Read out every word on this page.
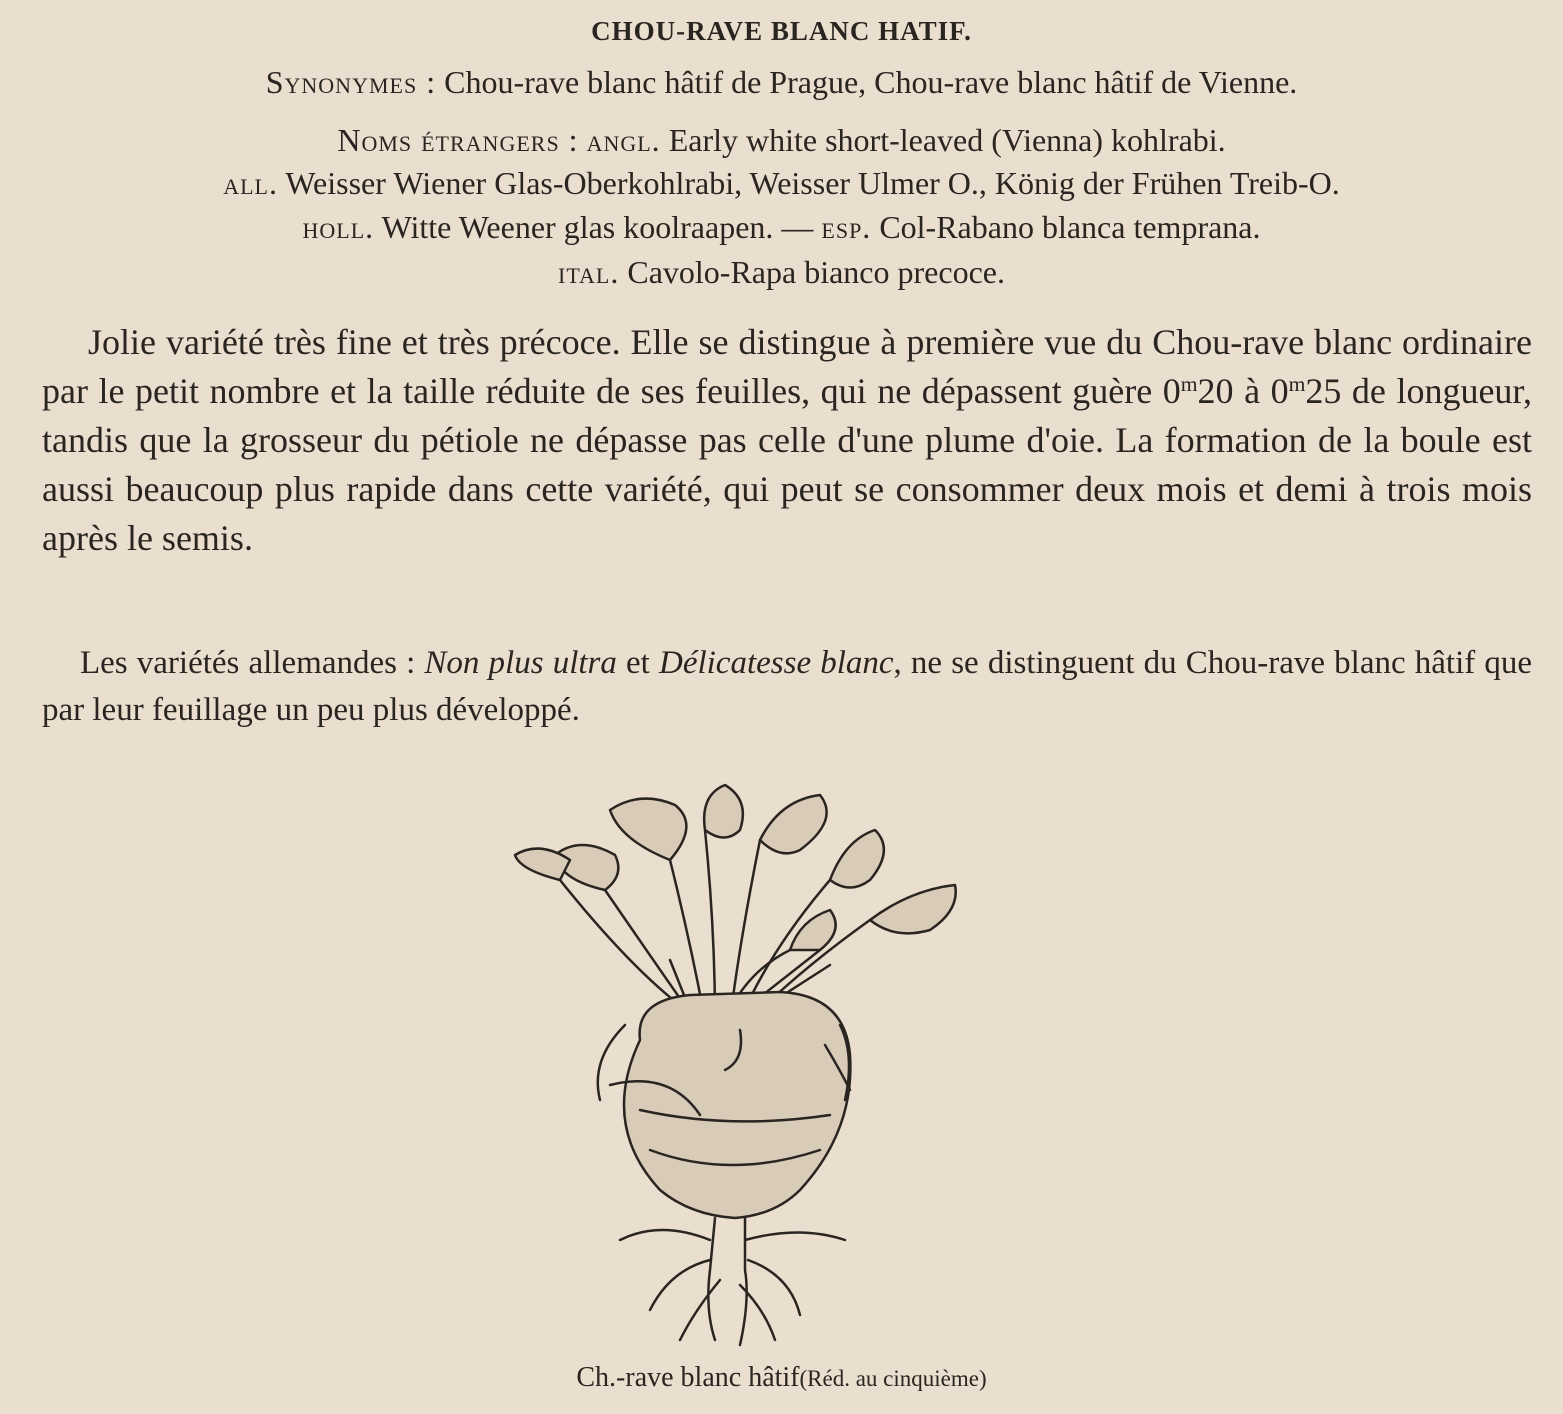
CHOU-RAVE BLANC HATIF.
Synonymes : Chou-rave blanc hâtif de Prague, Chou-rave blanc hâtif de Vienne.
Noms étrangers : angl. Early white short-leaved (Vienna) kohlrabi.
all. Weisser Wiener Glas-Oberkohlrabi, Weisser Ulmer O., König der Frühen Treib-O.
holl. Witte Weener glas koolraapen. — esp. Col-Rabano blanca temprana.
ital. Cavolo-Rapa bianco precoce.

Jolie variété très fine et très précoce. Elle se distingue à première vue du Chou-rave blanc ordinaire par le petit nombre et la taille réduite de ses feuilles, qui ne dépassent guère 0$^m$20 à 0$^m$25 de longueur, tandis que la grosseur du pétiole ne dépasse pas celle d'une plume d'oie. La formation de la boule est aussi beaucoup plus rapide dans cette variété, qui peut se consommer deux mois et demi à trois mois après le semis.

Les variétés allemandes : Non plus ultra et Délicatesse blanc, ne se distinguent du Chou-rave blanc hâtif que par leur feuillage un peu plus développé.

Ch.-rave blanc hâtif(Réd. au cinquième)
